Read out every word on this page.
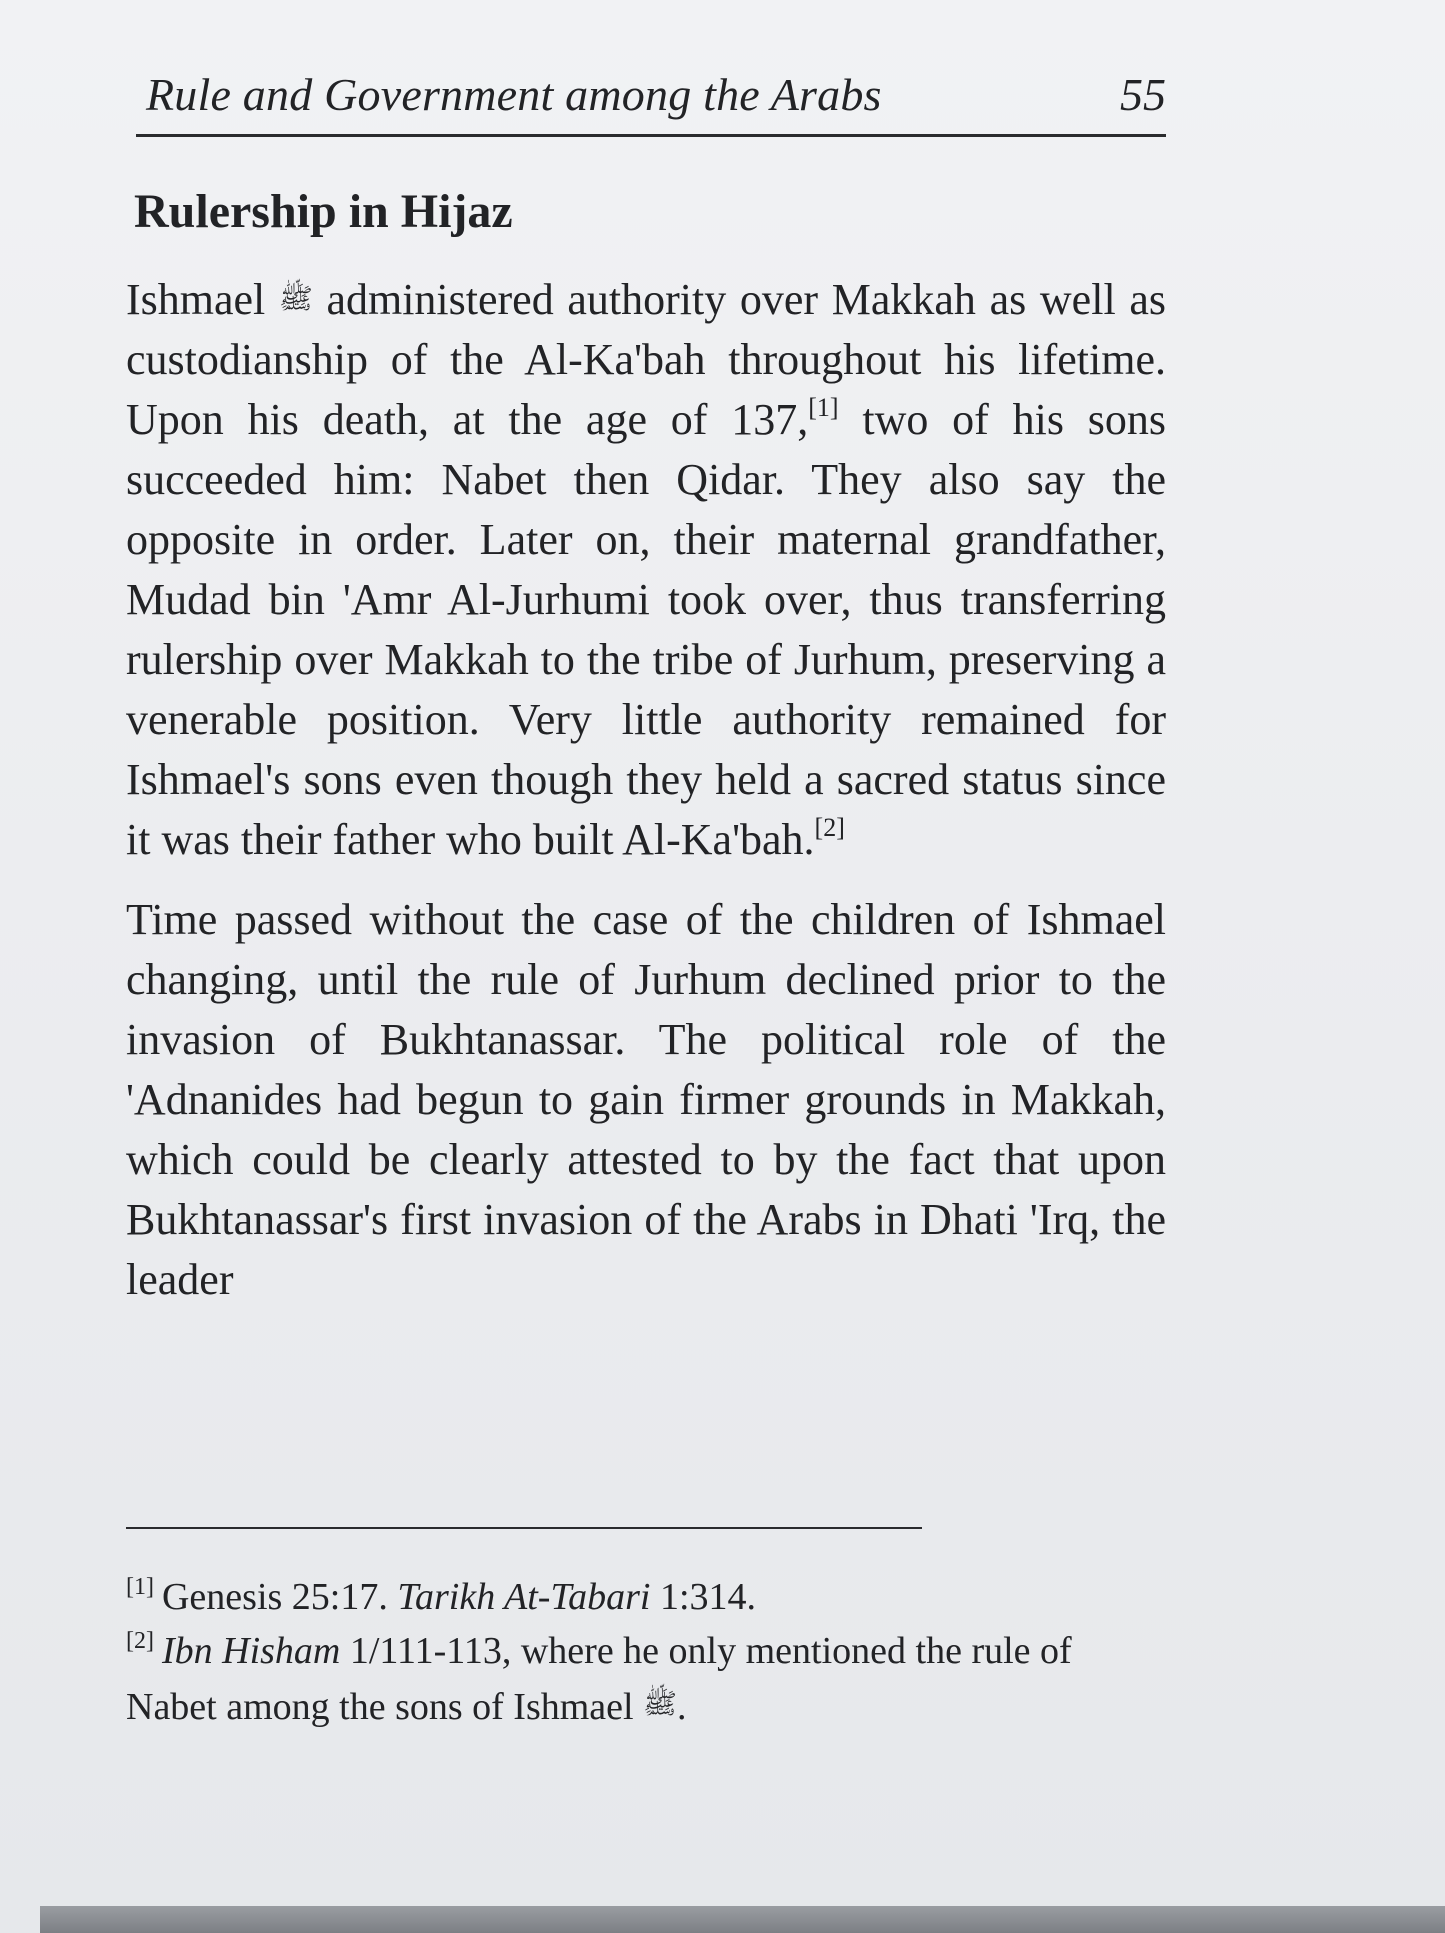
Rule and Government among the Arabs	55
Rulership in Hijaz

Ishmael ﷺ administered authority over Makkah as well as custodianship of the Al-Ka'bah throughout his lifetime. Upon his death, at the age of 137,[1] two of his sons succeeded him: Nabet then Qidar. They also say the opposite in order. Later on, their maternal grandfather, Mudad bin 'Amr Al-Jurhumi took over, thus transferring rulership over Makkah to the tribe of Jurhum, preserving a venerable position. Very little authority remained for Ishmael's sons even though they held a sacred status since it was their father who built Al-Ka'bah.[2]

Time passed without the case of the children of Ishmael changing, until the rule of Jurhum declined prior to the invasion of Bukhtanassar. The political role of the 'Adnanides had begun to gain firmer grounds in Makkah, which could be clearly attested to by the fact that upon Bukhtanassar's first invasion of the Arabs in Dhati 'Irq, the leader

[1] Genesis 25:17. Tarikh At-Tabari 1:314.

[2] Ibn Hisham 1/111-113, where he only mentioned the rule of Nabet among the sons of Ishmael ﷺ.
